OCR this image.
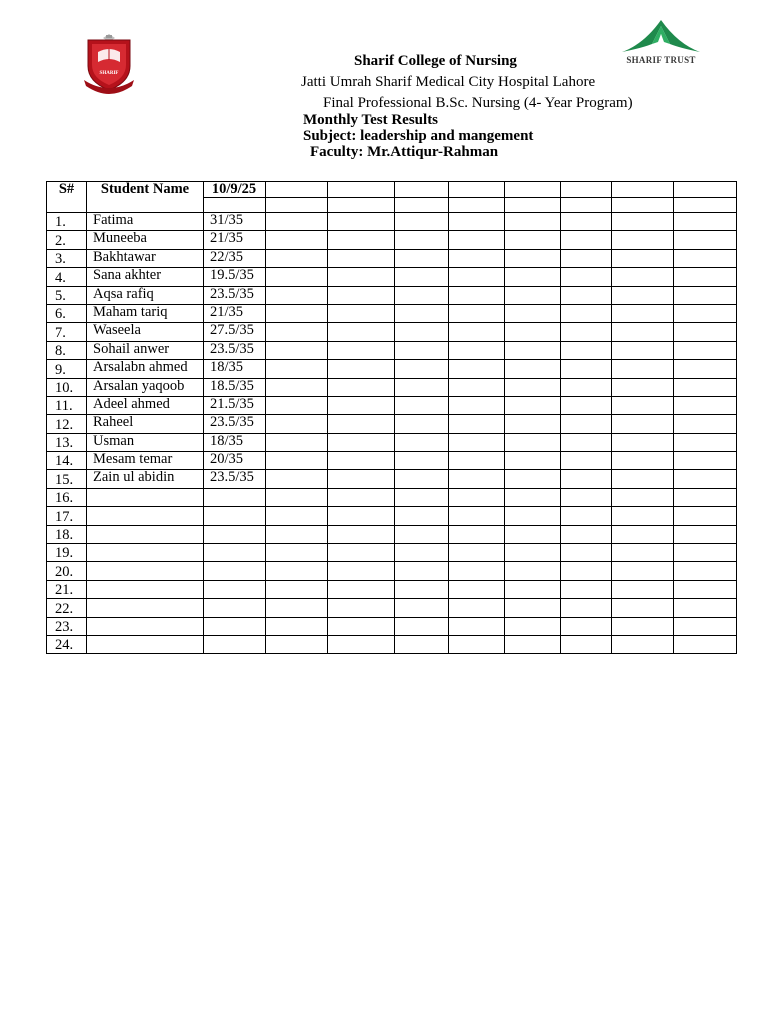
SHARIF
SHARIF TRUST
Sharif College of Nursing
Jatti Umrah Sharif Medical City Hospital Lahore
Final Professional B.Sc. Nursing (4- Year Program)
Monthly Test Results
Subject: leadership and mangement
Faculty: Mr.Attiqur-Rahman
S#	Student Name	10/9/25								

1.	Fatima	31/35								
2.	Muneeba	21/35								
3.	Bakhtawar	22/35								
4.	Sana akhter	19.5/35								
5.	Aqsa rafiq	23.5/35								
6.	Maham tariq	21/35								
7.	Waseela	27.5/35								
8.	Sohail anwer	23.5/35								
9.	Arsalabn ahmed	18/35								
10.	Arsalan yaqoob	18.5/35								
11.	Adeel ahmed	21.5/35								
12.	Raheel	23.5/35								
13.	Usman	18/35								
14.	Mesam temar	20/35								
15.	Zain ul abidin	23.5/35								
16.										
17.										
18.										
19.										
20.										
21.										
22.										
23.										
24.										
